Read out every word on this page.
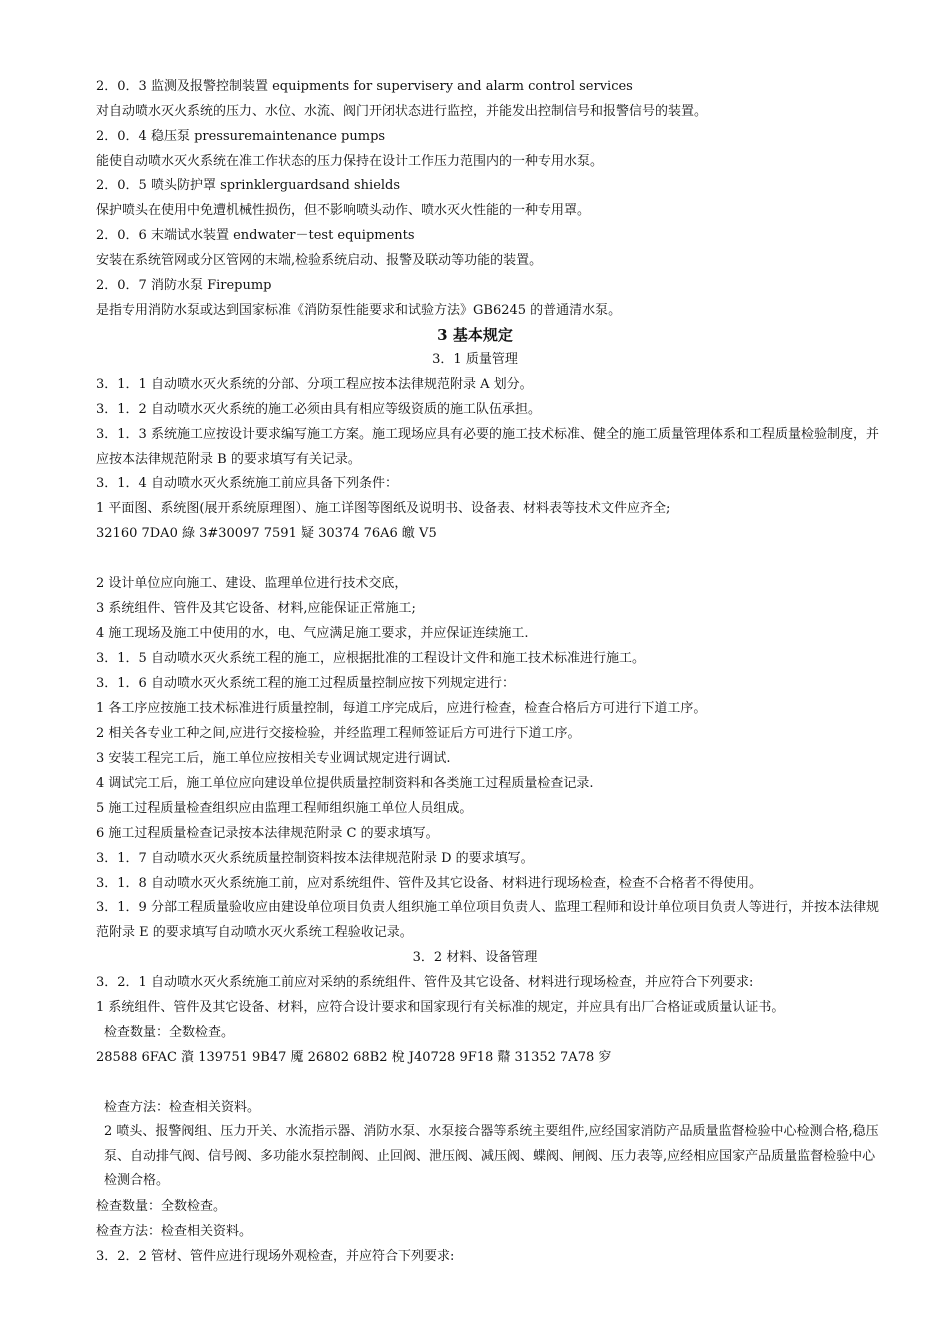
2．0．3 监测及报警控制装置 equipments for supervisery and alarm control services
对自动喷水灭火系统的压力、水位、水流、阀门开闭状态进行监控，并能发出控制信号和报警信号的装置。
2．0．4 稳压泵 pressuremaintenance pumps
能使自动喷水灭火系统在准工作状态的压力保持在设计工作压力范围内的一种专用水泵。
2．0．5 喷头防护罩 sprinklerguardsand shields
保护喷头在使用中免遭机械性损伤，但不影响喷头动作、喷水灭火性能的一种专用罩。
2．0．6 末端试水装置 endwater－test equipments
安装在系统管网或分区管网的末端,检验系统启动、报警及联动等功能的装置。
2．0．7 消防水泵 Firepump
是指专用消防水泵或达到国家标准《消防泵性能要求和试验方法》GB6245 的普通清水泵。
3 基本规定
3．1 质量管理
3．1．1 自动喷水灭火系统的分部、分项工程应按本法律规范附录 A 划分。
3．1．2 自动喷水灭火系统的施工必须由具有相应等级资质的施工队伍承担。
3．1．3 系统施工应按设计要求编写施工方案。施工现场应具有必要的施工技术标准、健全的施工质量管理体系和工程质量检验制度，并应按本法律规范附录 B 的要求填写有关记录。
3．1．4 自动喷水灭火系统施工前应具备下列条件：
1 平面图、系统图(展开系统原理图）、施工详图等图纸及说明书、设备表、材料表等技术文件应齐全;
32160 7DA0 綠 3#30097 7591 疑 30374 76A6 皦 V5
2 设计单位应向施工、建设、监理单位进行技术交底，
3 系统组件、管件及其它设备、材料,应能保证正常施工;
4 施工现场及施工中使用的水，电、气应满足施工要求，并应保证连续施工.
3．1．5 自动喷水灭火系统工程的施工，应根据批准的工程设计文件和施工技术标准进行施工。
3．1．6 自动喷水灭火系统工程的施工过程质量控制应按下列规定进行：
1 各工序应按施工技术标准进行质量控制，每道工序完成后，应进行检查，检查合格后方可进行下道工序。
2 相关各专业工种之间,应进行交接检验，并经监理工程师签证后方可进行下道工序。
3 安装工程完工后，施工单位应按相关专业调试规定进行调试.
4 调试完工后，施工单位应向建设单位提供质量控制资料和各类施工过程质量检查记录.
5 施工过程质量检查组织应由监理工程师组织施工单位人员组成。
6 施工过程质量检查记录按本法律规范附录 C 的要求填写。
3．1．7 自动喷水灭火系统质量控制资料按本法律规范附录 D 的要求填写。
3．1．8 自动喷水灭火系统施工前，应对系统组件、管件及其它设备、材料进行现场检查，检查不合格者不得使用。
3．1．9 分部工程质量验收应由建设单位项目负责人组织施工单位项目负责人、监理工程师和设计单位项目负责人等进行，并按本法律规范附录 E 的要求填写自动喷水灭火系统工程验收记录。
3．2 材料、设备管理
3．2．1 自动喷水灭火系统施工前应对采纳的系统组件、管件及其它设备、材料进行现场检查，并应符合下列要求:
1 系统组件、管件及其它设备、材料，应符合设计要求和国家现行有关标准的规定，并应具有出厂合格证或质量认证书。
检查数量：全数检查。
28588 6FAC 澬 139751 9B47 魇 26802 68B2 梲 J40728 9F18 鼘 31352 7A78 穸
检查方法：检查相关资料。
2 喷头、报警阀组、压力开关、水流指示器、消防水泵、水泵接合器等系统主要组件,应经国家消防产品质量监督检验中心检测合格,稳压泵、自动排气阀、信号阀、多功能水泵控制阀、止回阀、泄压阀、减压阀、蝶阀、闸阀、压力表等,应经相应国家产品质量监督检验中心检测合格。
检查数量：全数检查。
检查方法：检查相关资料。
3．2．2 管材、管件应进行现场外观检查，并应符合下列要求:
